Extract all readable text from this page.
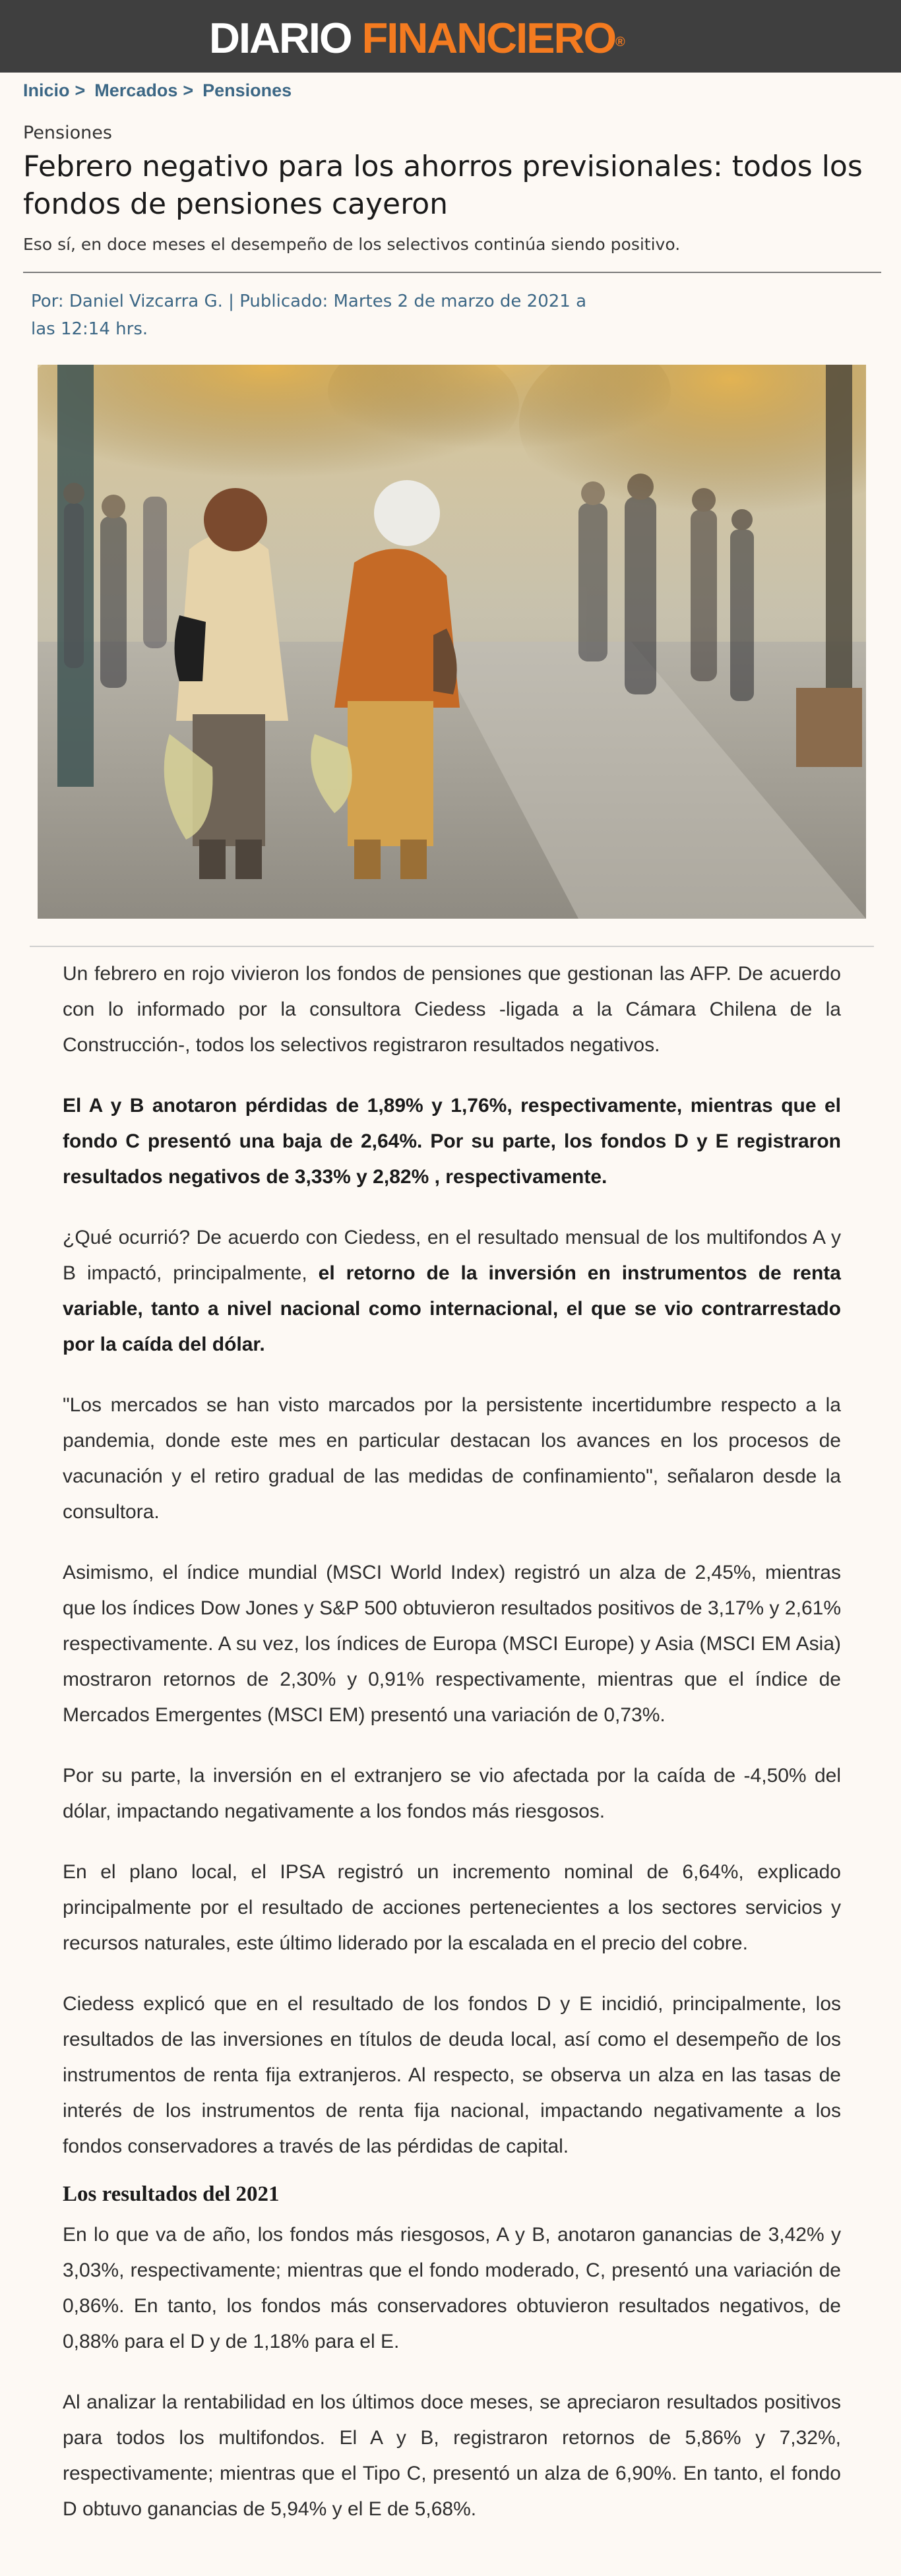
DIARIO FINANCIERO®
Inicio > Mercados > Pensiones
Pensiones
Febrero negativo para los ahorros previsionales: todos los fondos de pensiones cayeron
Eso sí, en doce meses el desempeño de los selectivos continúa siendo positivo.
Por: Daniel Vizcarra G. | Publicado: Martes 2 de marzo de 2021 a las 12:14 hrs.

Un febrero en rojo vivieron los fondos de pensiones que gestionan las AFP. De acuerdo con lo informado por la consultora Ciedess -ligada a la Cámara Chilena de la Construcción-, todos los selectivos registraron resultados negativos.

El A y B anotaron pérdidas de 1,89% y 1,76%, respectivamente, mientras que el fondo C presentó una baja de 2,64%. Por su parte, los fondos D y E registraron resultados negativos de 3,33% y 2,82% , respectivamente.

¿Qué ocurrió? De acuerdo con Ciedess, en el resultado mensual de los multifondos A y B impactó, principalmente, el retorno de la inversión en instrumentos de renta variable, tanto a nivel nacional como internacional, el que se vio contrarrestado por la caída del dólar.

"Los mercados se han visto marcados por la persistente incertidumbre respecto a la pandemia, donde este mes en particular destacan los avances en los procesos de vacunación y el retiro gradual de las medidas de confinamiento", señalaron desde la consultora.

Asimismo, el índice mundial (MSCI World Index) registró un alza de 2,45%, mientras que los índices Dow Jones y S&P 500 obtuvieron resultados positivos de 3,17% y 2,61% respectivamente. A su vez, los índices de Europa (MSCI Europe) y Asia (MSCI EM Asia) mostraron retornos de 2,30% y 0,91% respectivamente, mientras que el índice de Mercados Emergentes (MSCI EM) presentó una variación de 0,73%.

Por su parte, la inversión en el extranjero se vio afectada por la caída de -4,50% del dólar, impactando negativamente a los fondos más riesgosos.

En el plano local, el IPSA registró un incremento nominal de 6,64%, explicado principalmente por el resultado de acciones pertenecientes a los sectores servicios y recursos naturales, este último liderado por la escalada en el precio del cobre.

Ciedess explicó que en el resultado de los fondos D y E incidió, principalmente, los resultados de las inversiones en títulos de deuda local, así como el desempeño de los instrumentos de renta fija extranjeros. Al respecto, se observa un alza en las tasas de interés de los instrumentos de renta fija nacional, impactando negativamente a los fondos conservadores a través de las pérdidas de capital.

Los resultados del 2021

En lo que va de año, los fondos más riesgosos, A y B, anotaron ganancias de 3,42% y 3,03%, respectivamente; mientras que el fondo moderado, C, presentó una variación de 0,86%. En tanto, los fondos más conservadores obtuvieron resultados negativos, de 0,88% para el D y de 1,18% para el E.

Al analizar la rentabilidad en los últimos doce meses, se apreciaron resultados positivos para todos los multifondos. El A y B, registraron retornos de 5,86% y 7,32%, respectivamente; mientras que el Tipo C, presentó un alza de 6,90%. En tanto, el fondo D obtuvo ganancias de 5,94% y el E de 5,68%.
